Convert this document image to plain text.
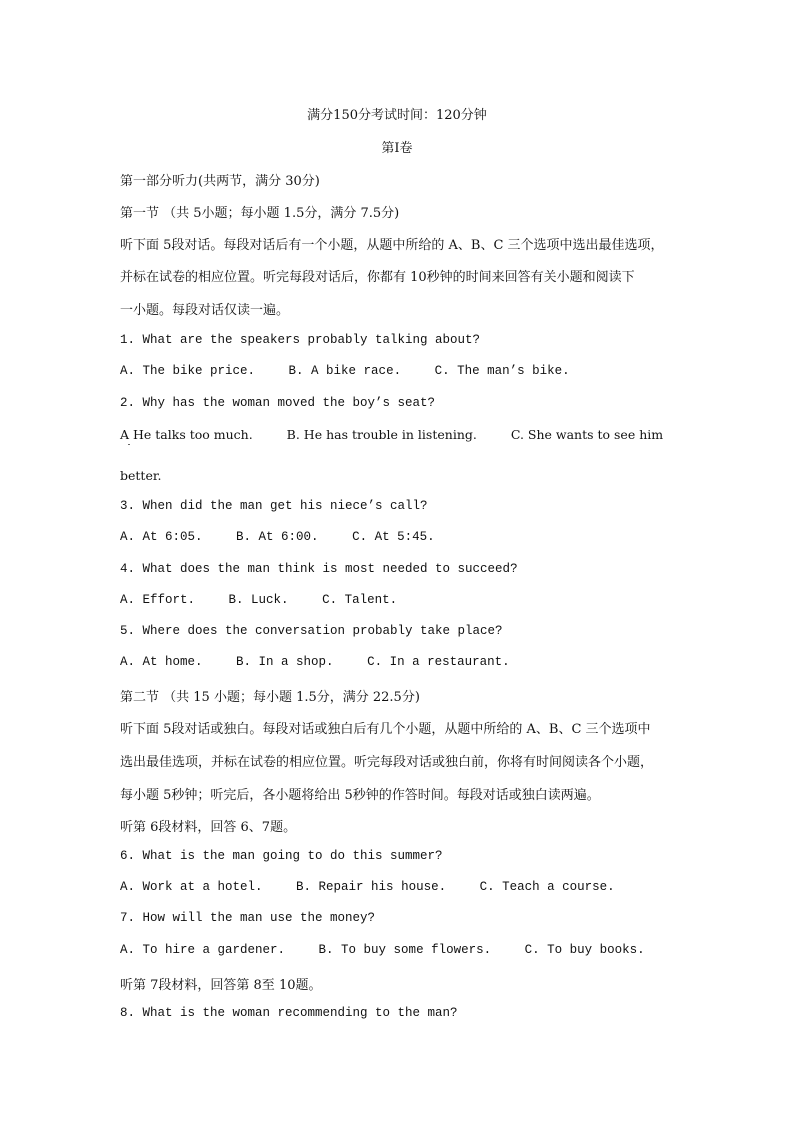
满分150分考试时间：120分钟
第I卷
第一部分听力(共两节，满分 30分)
第一节 （共 5小题；每小题 1.5分，满分 7.5分)
听下面 5段对话。每段对话后有一个小题，从题中所给的 A、B、C 三个选项中选出最佳选项，
并标在试卷的相应位置。听完每段对话后，你都有 10秒钟的时间来回答有关小题和阅读下
一小题。每段对话仅读一遍。
1. What are the speakers probably talking about?
A. The bike price.	B. A bike race.	C. The man’s bike.
2. Why has the woman moved the boy’s seat?
A He talks too much.	B. He has trouble in listening.	C. She wants to see him
better.
3. When did the man get his niece’s call?
A. At 6:05.	B. At 6:00.	C. At 5:45.
4. What does the man think is most needed to succeed?
A. Effort.	B. Luck.	C. Talent.
5. Where does the conversation probably take place?
A. At home.	B. In a shop.	C. In a restaurant.
第二节 （共 15 小题；每小题 1.5分，满分 22.5分)
听下面 5段对话或独白。每段对话或独白后有几个小题，从题中所给的 A、B、C 三个选项中
选出最佳选项，并标在试卷的相应位置。听完每段对话或独白前，你将有时间阅读各个小题，
每小题 5秒钟；听完后，各小题将给出 5秒钟的作答时间。每段对话或独白读两遍。
听第 6段材料，回答 6、7题。
6. What is the man going to do this summer?
A. Work at a hotel.	B. Repair his house.	C. Teach a course.
7. How will the man use the money?
A. To hire a gardener.	B. To buy some flowers.	C. To buy books.
听第 7段材料，回答第 8至 10题。
8. What is the woman recommending to the man?
